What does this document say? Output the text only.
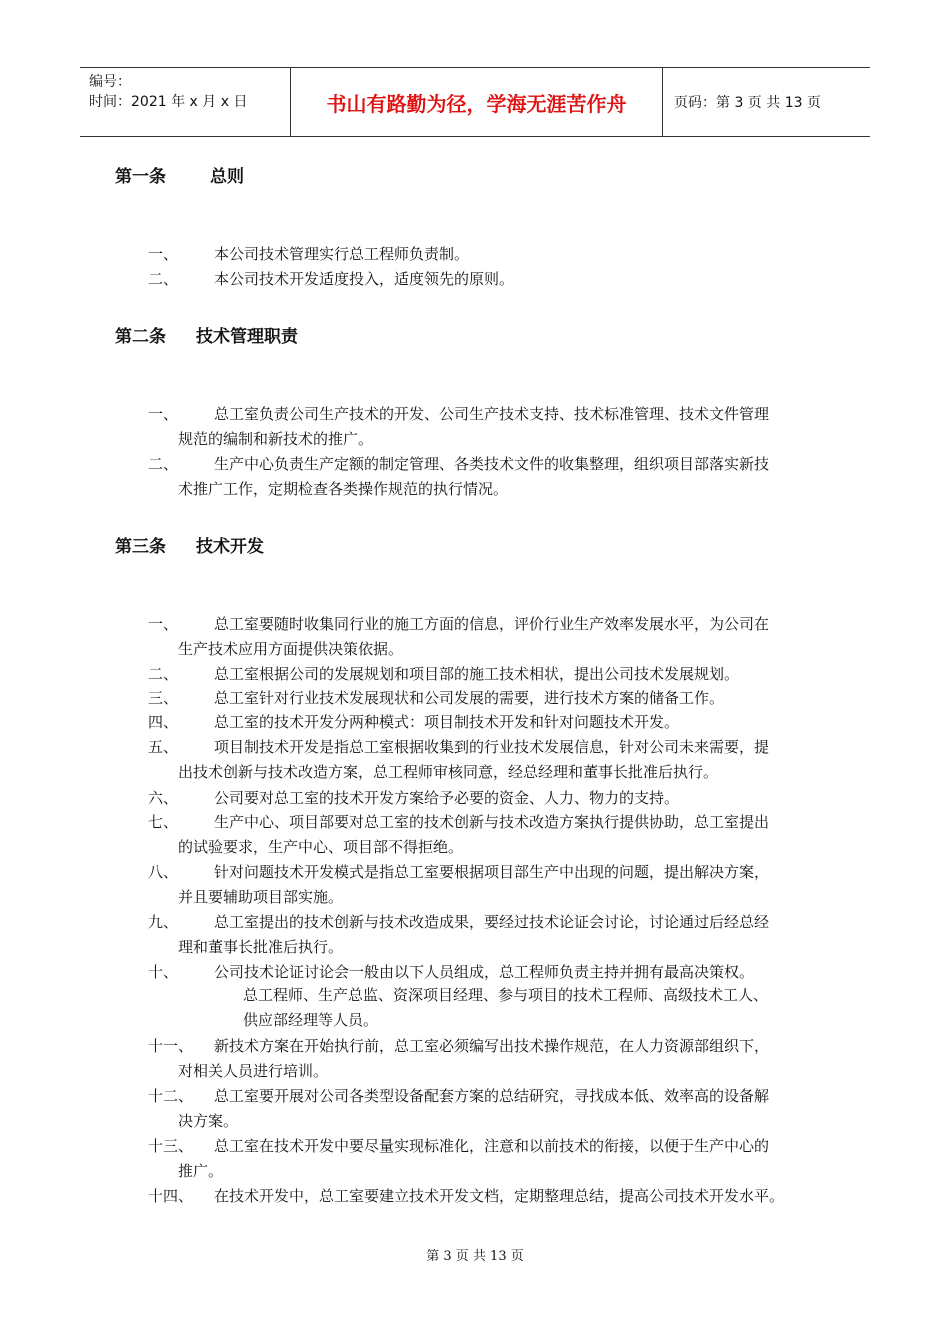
编号：
时间：2021 年 x 月 x 日	书山有路勤为径，学海无涯苦作舟	页码：第 3 页 共 13 页
第一条	总则
第二条 技术管理职责
第三条 技术开发
一、	本公司技术管理实行总工程师负责制。
二、	本公司技术开发适度投入，适度领先的原则。
一、	总工室负责公司生产技术的开发、公司生产技术支持、技术标准管理、技术文件管理
规范的编制和新技术的推广。
二、	生产中心负责生产定额的制定管理、各类技术文件的收集整理，组织项目部落实新技
术推广工作，定期检查各类操作规范的执行情况。
一、	总工室要随时收集同行业的施工方面的信息，评价行业生产效率发展水平，为公司在
生产技术应用方面提供决策依据。
二、	总工室根据公司的发展规划和项目部的施工技术相状，提出公司技术发展规划。
三、	总工室针对行业技术发展现状和公司发展的需要，进行技术方案的储备工作。
四、	总工室的技术开发分两种模式：项目制技术开发和针对问题技术开发。
五、	项目制技术开发是指总工室根据收集到的行业技术发展信息，针对公司未来需要，提
出技术创新与技术改造方案，总工程师审核同意，经总经理和董事长批准后执行。
六、	公司要对总工室的技术开发方案给予必要的资金、人力、物力的支持。
七、	生产中心、项目部要对总工室的技术创新与技术改造方案执行提供协助，总工室提出
的试验要求，生产中心、项目部不得拒绝。
八、	针对问题技术开发模式是指总工室要根据项目部生产中出现的问题，提出解决方案，
并且要辅助项目部实施。
九、	总工室提出的技术创新与技术改造成果，要经过技术论证会讨论，讨论通过后经总经
理和董事长批准后执行。
十、	公司技术论证讨论会一般由以下人员组成，总工程师负责主持并拥有最高决策权。
十一、	新技术方案在开始执行前，总工室必须编写出技术操作规范，在人力资源部组织下，
对相关人员进行培训。
十二、	总工室要开展对公司各类型设备配套方案的总结研究，寻找成本低、效率高的设备解
决方案。
十三、	总工室在技术开发中要尽量实现标准化，注意和以前技术的衔接，以便于生产中心的
推广。
十四、	在技术开发中，总工室要建立技术开发文档，定期整理总结，提高公司技术开发水平。
总工程师、生产总监、资深项目经理、参与项目的技术工程师、高级技术工人、
供应部经理等人员。
第 3 页 共 13 页
